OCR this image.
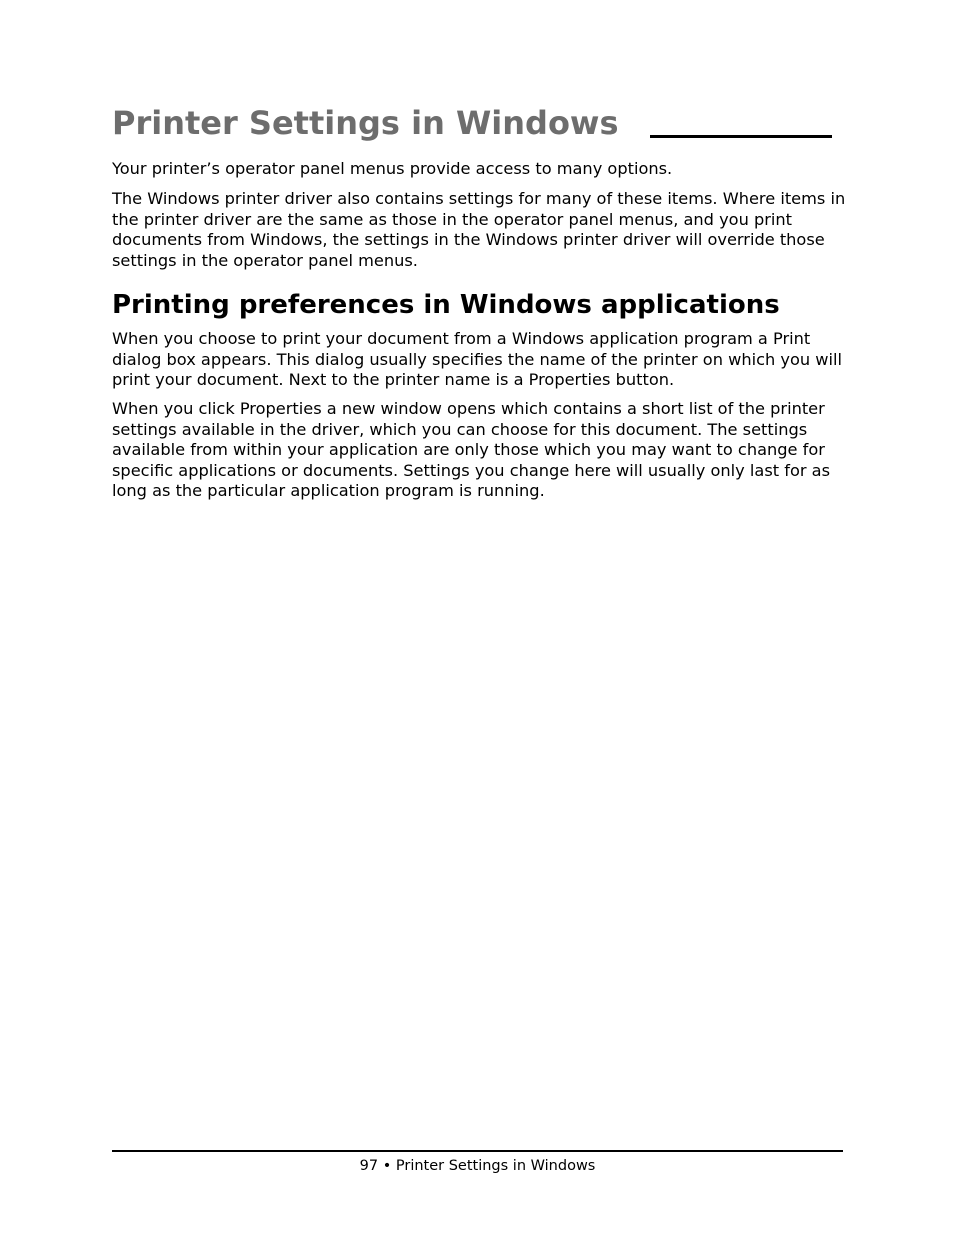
Printer Settings in Windows

Your printer’s operator panel menus provide access to many options.

The Windows printer driver also contains settings for many of these items. Where items in the printer driver are the same as those in the operator panel menus, and you print documents from Windows, the settings in the Windows printer driver will override those settings in the operator panel menus.

Printing preferences in Windows applications

When you choose to print your document from a Windows application program a Print dialog box appears. This dialog usually specifies the name of the printer on which you will print your document. Next to the printer name is a Properties button.

When you click Properties a new window opens which contains a short list of the printer settings available in the driver, which you can choose for this document. The settings available from within your application are only those which you may want to change for specific applications or documents. Settings you change here will usually only last for as long as the particular application program is running.

97 • Printer Settings in Windows
